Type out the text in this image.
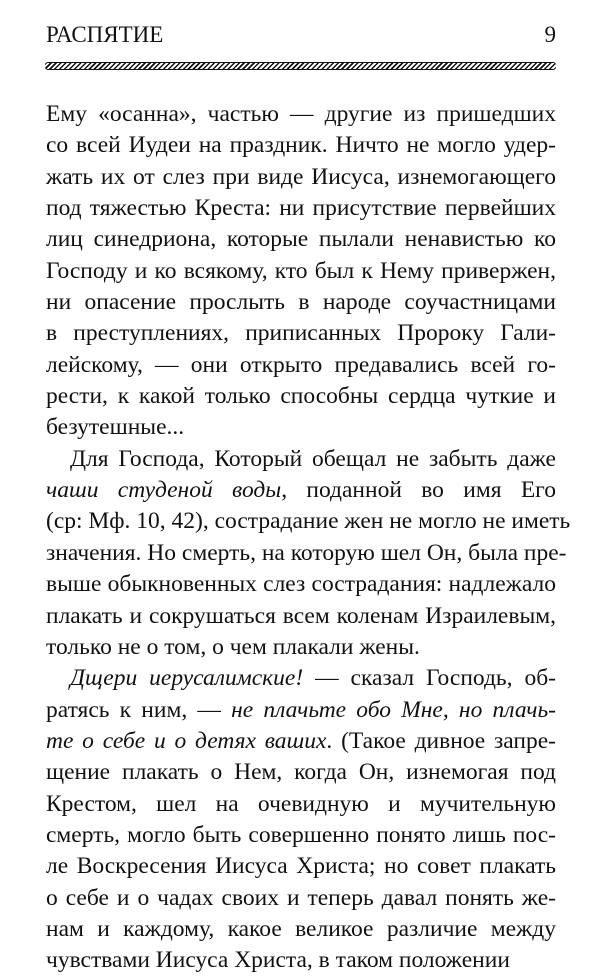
РАСПЯТИЕ	9
Ему «осанна», частью — другие из пришедших
со всей Иудеи на праздник. Ничто не могло удер-
жать их от слез при виде Иисуса, изнемогающего
под тяжестью Креста: ни присутствие первейших
лиц синедриона, которые пылали ненавистью ко
Господу и ко всякому, кто был к Нему привержен,
ни опасение прослыть в народе соучастницами
в преступлениях, приписанных Пророку Гали-
лейскому, — они открыто предавались всей го-
рести, к какой только способны сердца чуткие и
безутешные...
Для Господа, Который обещал не забыть даже
чаши студеной воды, поданной во имя Его
(ср: Мф. 10, 42), сострадание жен не могло не иметь
значения. Но смерть, на которую шел Он, была пре-
выше обыкновенных слез сострадания: надлежало
плакать и сокрушаться всем коленам Израилевым,
только не о том, о чем плакали жены.
Дщери иерусалимские! — сказал Господь, об-
ратясь к ним, — не плачьте обо Мне, но плачь-
те о себе и о детях ваших. (Такое дивное запре-
щение плакать о Нем, когда Он, изнемогая под
Крестом, шел на очевидную и мучительную
смерть, могло быть совершенно понято лишь пос-
ле Воскресения Иисуса Христа; но совет плакать
о себе и о чадах своих и теперь давал понять же-
нам и каждому, какое великое различие между
чувствами Иисуса Христа, в таком положении
